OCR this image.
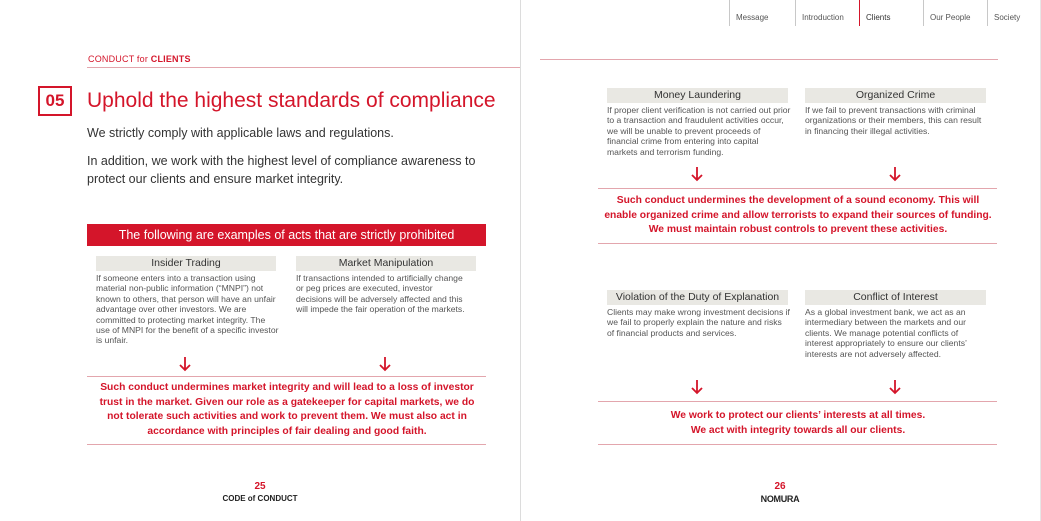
Message	Introduction	Clients	Our People	Society
CONDUCT for CLIENTS
05	Uphold the highest standards of compliance
We strictly comply with applicable laws and regulations.
In addition, we work with the highest level of compliance awareness to protect our clients and ensure market integrity.
The following are examples of acts that are strictly prohibited
Insider Trading
If someone enters into a transaction using material non-public information (“MNPI”) not known to others, that person will have an unfair advantage over other investors. We are committed to protecting market integrity. The use of MNPI for the benefit of a specific investor is unfair.
Market Manipulation
If transactions intended to artificially change or peg prices are executed, investor decisions will be adversely affected and this will impede the fair operation of the markets.
Such conduct undermines market integrity and will lead to a loss of investor trust in the market. Given our role as a gatekeeper for capital markets, we do not tolerate such activities and work to prevent them. We must also act in accordance with principles of fair dealing and good faith.
25
CODE of CONDUCT
Money Laundering
If proper client verification is not carried out prior to a transaction and fraudulent activities occur, we will be unable to prevent proceeds of financial crime from entering into capital markets and terrorism funding.
Organized Crime
If we fail to prevent transactions with criminal organizations or their members, this can result in financing their illegal activities.
Such conduct undermines the development of a sound economy. This will enable organized crime and allow terrorists to expand their sources of funding. We must maintain robust controls to prevent these activities.
Violation of the Duty of Explanation
Clients may make wrong investment decisions if we fail to properly explain the nature and risks of financial products and services.
Conflict of Interest
As a global investment bank, we act as an intermediary between the markets and our clients. We manage potential conflicts of interest appropriately to ensure our clients’ interests are not adversely affected.
We work to protect our clients’ interests at all times.
We act with integrity towards all our clients.
26
NOMURA
